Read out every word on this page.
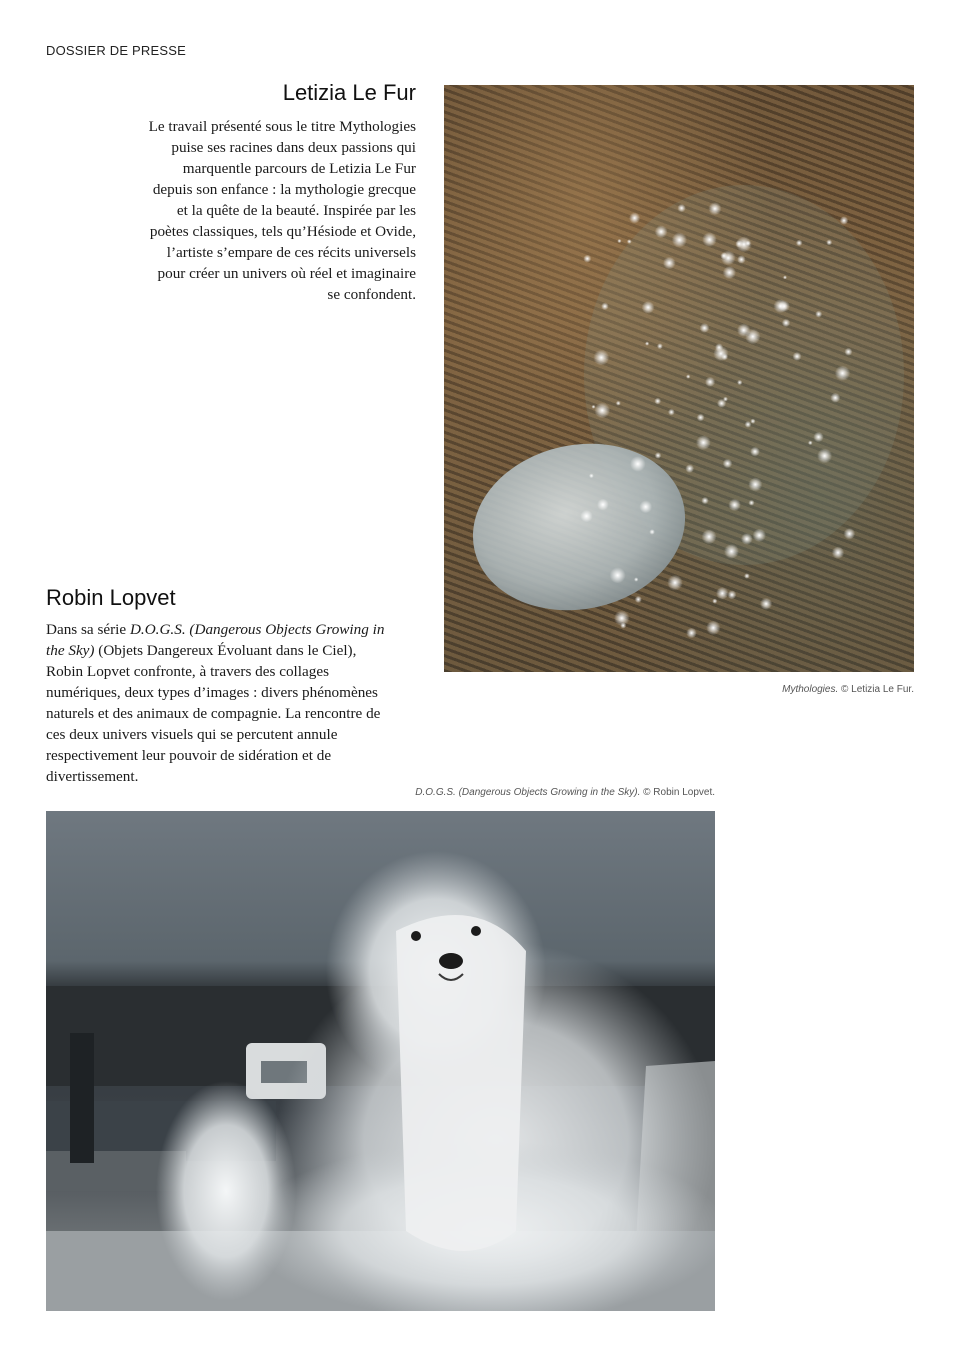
DOSSIER DE PRESSE
Letizia Le Fur

Le travail présenté sous le titre Mythologies puise ses racines dans deux passions qui marquentle parcours de Letizia Le Fur depuis son enfance : la mythologie grecque et la quête de la beauté. Inspirée par les poètes classiques, tels qu’Hésiode et Ovide, l’artiste s’empare de ces récits universels pour créer un univers où réel et imaginaire se confondent.

Mythologies. © Letizia Le Fur.
Robin Lopvet

Dans sa série D.O.G.S. (Dangerous Objects Growing in the Sky) (Objets Dangereux Évoluant dans le Ciel), Robin Lopvet confronte, à travers des collages numériques, deux types d’images : divers phénomènes naturels et des animaux de compagnie. La rencontre de ces deux univers visuels qui se percutent annule respectivement leur pouvoir de sidération et de divertissement.

D.O.G.S. (Dangerous Objects Growing in the Sky). © Robin Lopvet.
